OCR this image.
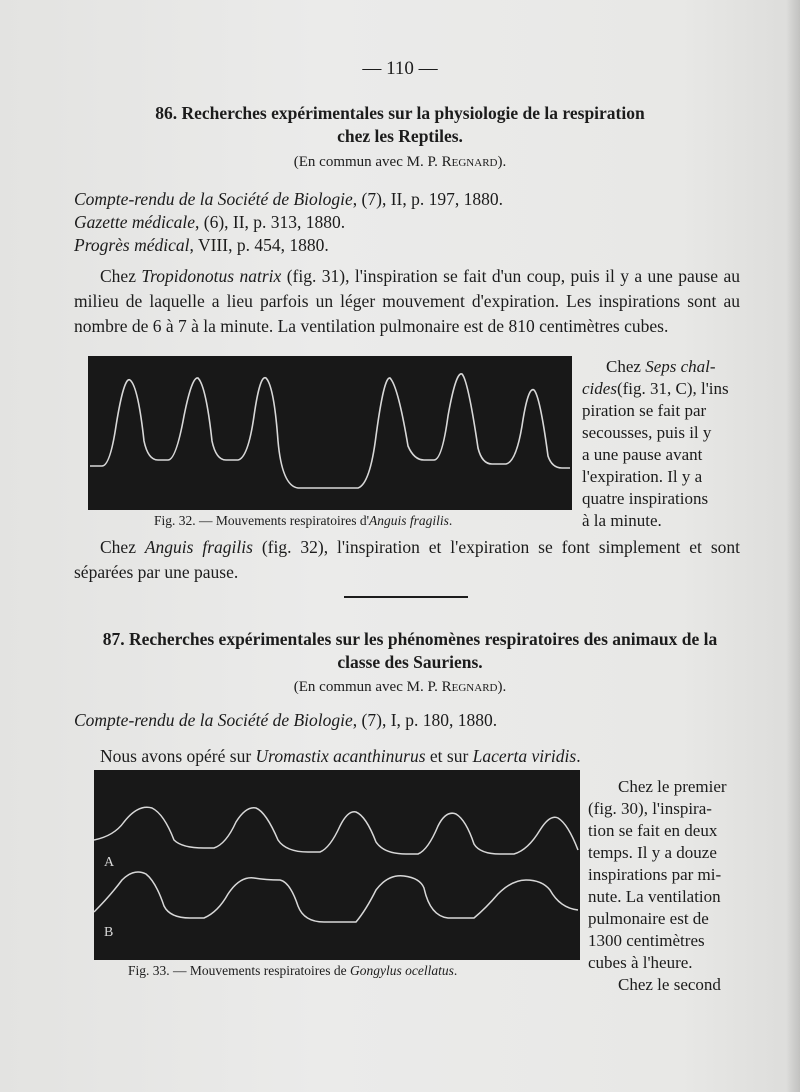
— 110 —
86. Recherches expérimentales sur la physiologie de la respiration
chez les Reptiles.
(En commun avec M. P. Regnard).
Compte-rendu de la Société de Biologie, (7), II, p. 197, 1880.
Gazette médicale, (6), II, p. 313, 1880.
Progrès médical, VIII, p. 454, 1880.
Chez Tropidonotus natrix (fig. 31), l'inspiration se fait d'un coup, puis il y a une pause au milieu de laquelle a lieu parfois un léger mouvement d'expiration. Les inspirations sont au nombre de 6 à 7 à la minute. La ventilation pulmonaire est de 810 centimètres cubes.
Fig. 32. — Mouvements respiratoires d'Anguis fragilis.
Chez Seps chal-
cides(fig. 31, C), l'ins
piration se fait par
secousses, puis il y
a une pause avant
l'expiration. Il y a
quatre inspirations
à la minute.
Chez Anguis fragilis (fig. 32), l'inspiration et l'expiration se font simplement et sont séparées par une pause.
87. Recherches expérimentales sur les phénomènes respiratoires des animaux de la
classe des Sauriens.
(En commun avec M. P. Regnard).
Compte-rendu de la Société de Biologie, (7), I, p. 180, 1880.
Nous avons opéré sur Uromastix acanthinurus et sur Lacerta viridis.
A
B
Fig. 33. — Mouvements respiratoires de Gongylus ocellatus.
Chez le premier
(fig. 30), l'inspira-
tion se fait en deux
temps. Il y a douze
inspirations par mi-
nute. La ventilation
pulmonaire est de
1300 centimètres
cubes à l'heure.
Chez le second
